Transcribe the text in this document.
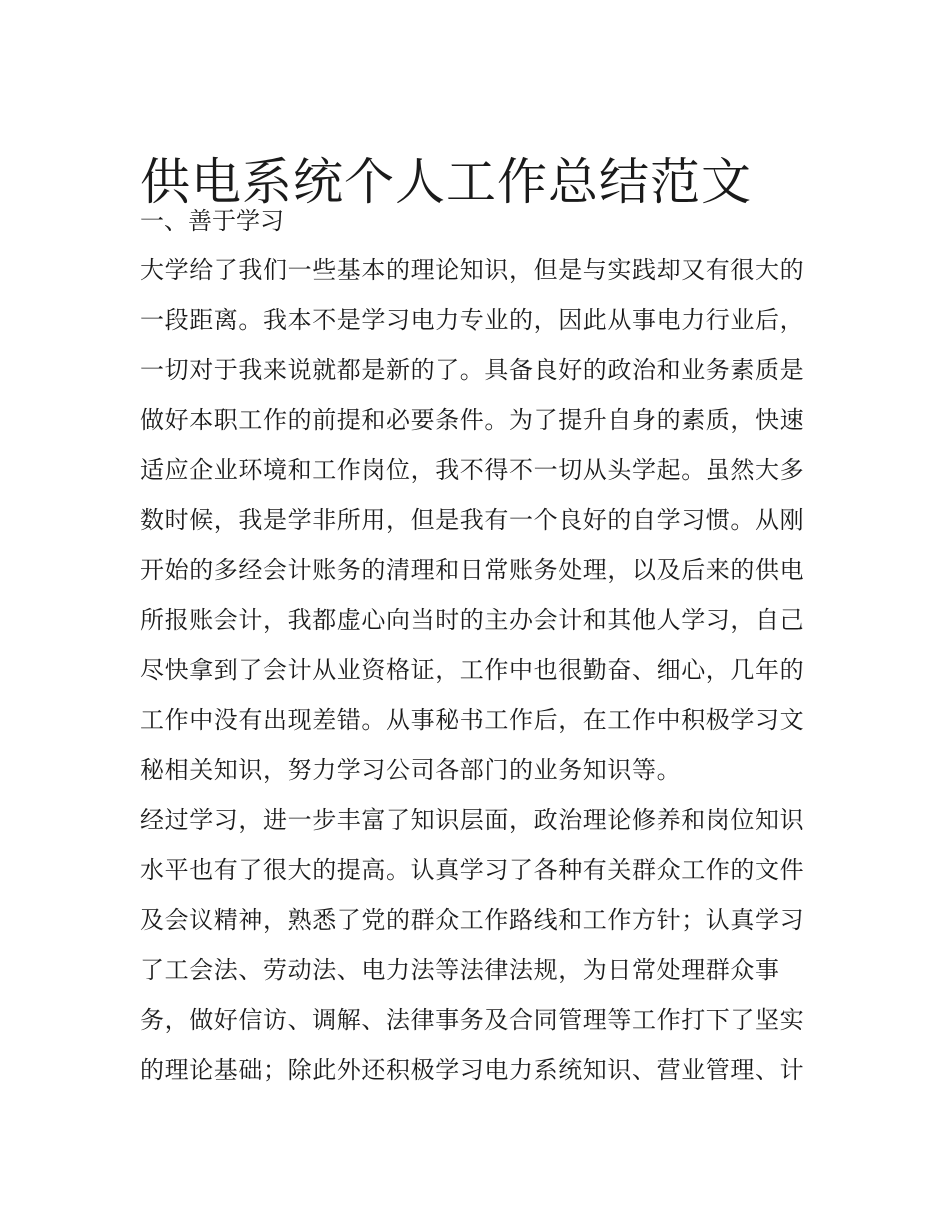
供电系统个人工作总结范文
一、善于学习
大学给了我们一些基本的理论知识，但是与实践却又有很大的
一段距离。我本不是学习电力专业的，因此从事电力行业后，
一切对于我来说就都是新的了。具备良好的政治和业务素质是
做好本职工作的前提和必要条件。为了提升自身的素质，快速
适应企业环境和工作岗位，我不得不一切从头学起。虽然大多
数时候，我是学非所用，但是我有一个良好的自学习惯。从刚
开始的多经会计账务的清理和日常账务处理，以及后来的供电
所报账会计，我都虚心向当时的主办会计和其他人学习，自己
尽快拿到了会计从业资格证，工作中也很勤奋、细心，几年的
工作中没有出现差错。从事秘书工作后，在工作中积极学习文
秘相关知识，努力学习公司各部门的业务知识等。
经过学习，进一步丰富了知识层面，政治理论修养和岗位知识
水平也有了很大的提高。认真学习了各种有关群众工作的文件
及会议精神，熟悉了党的群众工作路线和工作方针；认真学习
了工会法、劳动法、电力法等法律法规，为日常处理群众事
务，做好信访、调解、法律事务及合同管理等工作打下了坚实
的理论基础；除此外还积极学习电力系统知识、营业管理、计
